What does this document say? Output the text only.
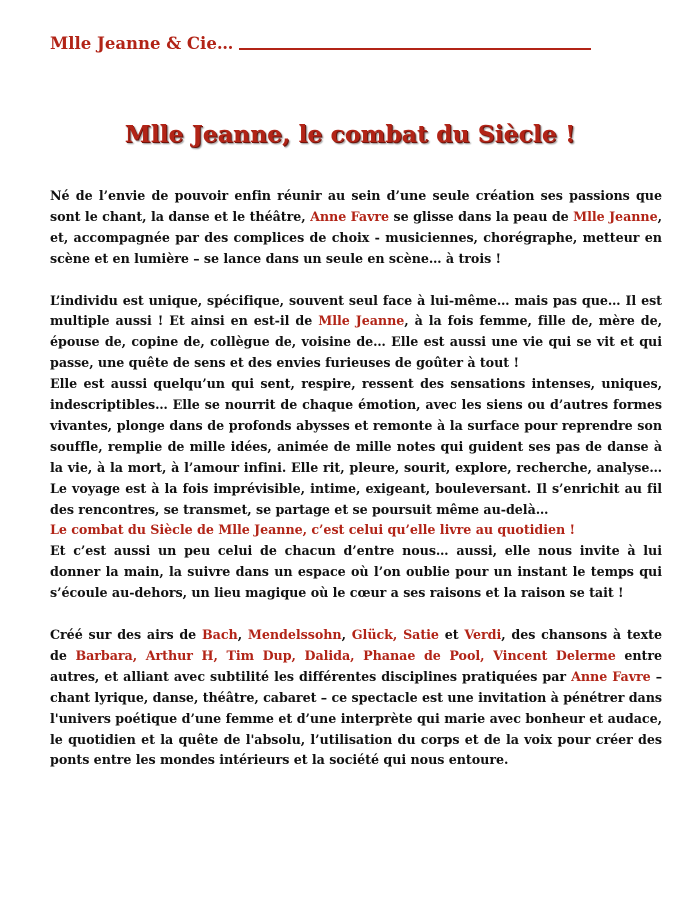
Mlle Jeanne & Cie…
Mlle Jeanne, le combat du Siècle !

Né de l’envie de pouvoir enfin réunir au sein d’une seule création ses passions que sont le chant, la danse et le théâtre, Anne Favre se glisse dans la peau de Mlle Jeanne, et, accompagnée par des complices de choix - musiciennes, chorégraphe, metteur en scène et en lumière – se lance dans un seule en scène… à trois !

L’individu est unique, spécifique, souvent seul face à lui-même… mais pas que… Il est multiple aussi ! Et ainsi en est-il de Mlle Jeanne, à la fois femme, fille de, mère de, épouse de, copine de, collègue de, voisine de… Elle est aussi une vie qui se vit et qui passe, une quête de sens et des envies furieuses de goûter à tout !

Elle est aussi quelqu’un qui sent, respire, ressent des sensations intenses, uniques, indescriptibles… Elle se nourrit de chaque émotion, avec les siens ou d’autres formes vivantes, plonge dans de profonds abysses et remonte à la surface pour reprendre son souffle, remplie de mille idées, animée de mille notes qui guident ses pas de danse à la vie, à la mort, à l’amour infini. Elle rit, pleure, sourit, explore, recherche, analyse… Le voyage est à la fois imprévisible, intime, exigeant, bouleversant. Il s’enrichit au fil des rencontres, se transmet, se partage et se poursuit même au-delà…

Le combat du Siècle de Mlle Jeanne, c’est celui qu’elle livre au quotidien !

Et c’est aussi un peu celui de chacun d’entre nous… aussi, elle nous invite à lui donner la main, la suivre dans un espace où l’on oublie pour un instant le temps qui s’écoule au-dehors, un lieu magique où le cœur a ses raisons et la raison se tait !

Créé sur des airs de Bach, Mendelssohn, Glück, Satie et Verdi, des chansons à texte de Barbara, Arthur H, Tim Dup, Dalida, Phanae de Pool, Vincent Delerme entre autres, et alliant avec subtilité les différentes disciplines pratiquées par Anne Favre – chant lyrique, danse, théâtre, cabaret – ce spectacle est une invitation à pénétrer dans l'univers poétique d’une femme et d’une interprète qui marie avec bonheur et audace, le quotidien et la quête de l'absolu, l’utilisation du corps et de la voix pour créer des ponts entre les mondes intérieurs et la société qui nous entoure.
